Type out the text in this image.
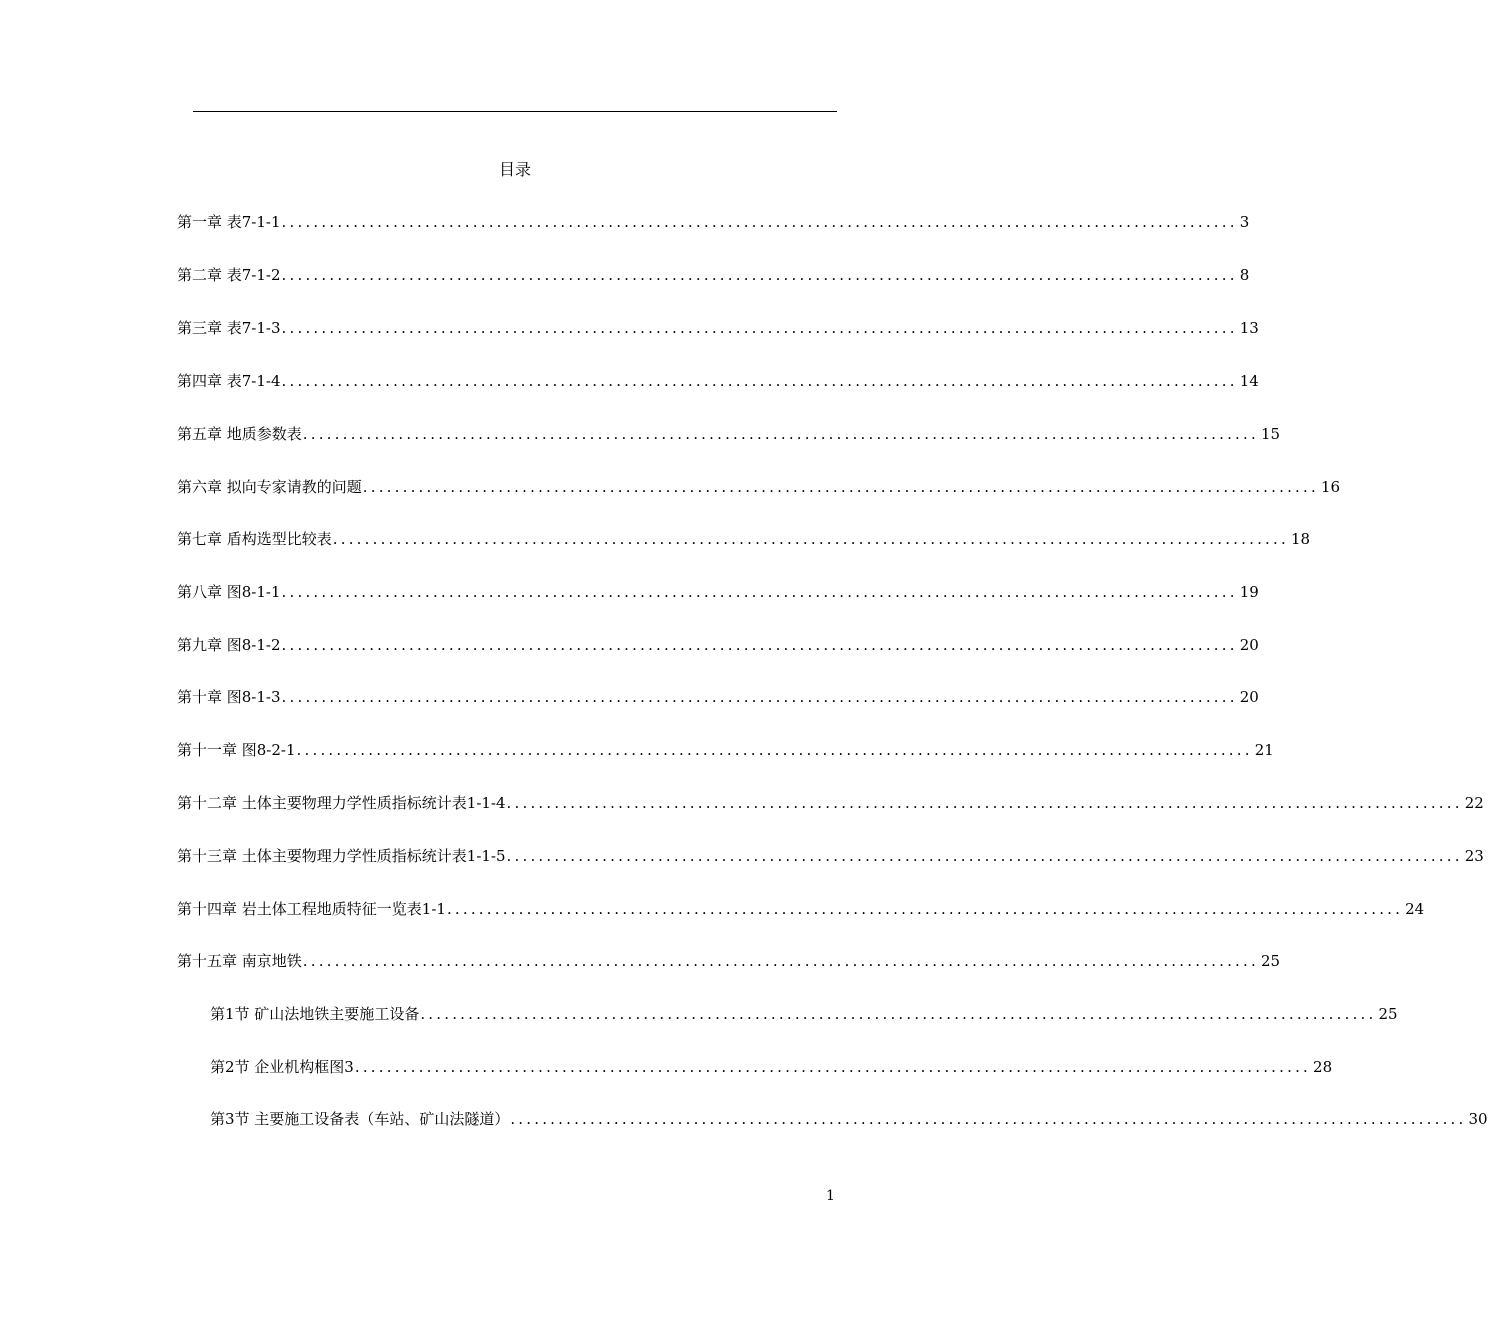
目录
第一章 表7-1-1 ........................................................................................................................ 3
第二章 表7-1-2 ........................................................................................................................ 8
第三章 表7-1-3 ........................................................................................................................ 13
第四章 表7-1-4 ........................................................................................................................ 14
第五章 地质参数表 ........................................................................................................................ 15
第六章 拟向专家请教的问题 ........................................................................................................................ 16
第七章 盾构选型比较表 ........................................................................................................................ 18
第八章 图8-1-1 ........................................................................................................................ 19
第九章 图8-1-2 ........................................................................................................................ 20
第十章 图8-1-3 ........................................................................................................................ 20
第十一章 图8-2-1 ........................................................................................................................ 21
第十二章 土体主要物理力学性质指标统计表1-1-4 ........................................................................................................................ 22
第十三章 土体主要物理力学性质指标统计表1-1-5 ........................................................................................................................ 23
第十四章 岩土体工程地质特征一览表1-1 ........................................................................................................................ 24
第十五章 南京地铁 ........................................................................................................................ 25
第1节 矿山法地铁主要施工设备 ........................................................................................................................ 25
第2节 企业机构框图3 ........................................................................................................................ 28
第3节 主要施工设备表（车站、矿山法隧道） ........................................................................................................................ 30
1
